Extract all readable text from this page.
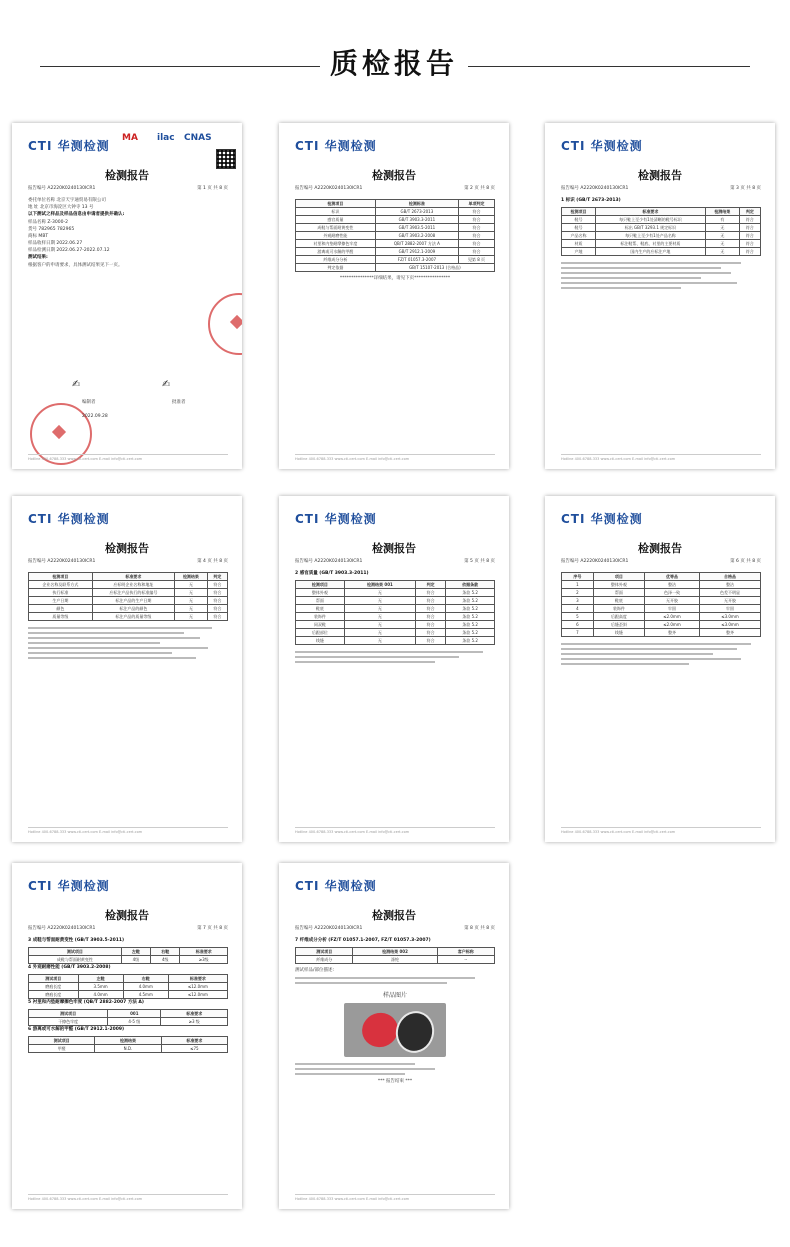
质检报告
CTI 华测检测
MA ilac CNAS
检测报告
报告编号 A2220K0240130ICR1	第 1 页 共 8 页
委托单位名称 北京天宇通贸易有限公司
地 址 北京市海淀区大钟寺 13 号
以下测试之样品及样品信息由申请者提供并确认:
样品名称 Z-3000-2
货号 782965 782965
商标 MBT
样品收样日期 2022.06.27
样品检测日期 2022.06.27-2022.07.12
测试结果:
根据客户的申请要求，具体测试结果见下一页。
✍	✍
编制者	批准者
2022.09.28
Hotline 400-6788-333 www.cti-cert.com E-mail info@cti-cert.com
CTI 华测检测
检测报告
报告编号 A2220K0240130ICR1	第 2 页 共 8 页
检测项目	检测标准	单项判定
标识	GB/T 2673-2013	符合
感官质量	GB/T 3903.3-2011	符合
成鞋与帮面耐黄变性	GB/T 3903.5-2011	符合
外观耐磨性能	GB/T 3903.2-2008	符合
衬里和内垫耐摩擦色牢度	QB/T 2882-2007 方法 A	符合
游离或可水解的甲醛	GB/T 2912.1-2009	符合
纤维成分分析	FZ/T 01057.3-2007	见第 8 页
判定依据	GB/T 15107-2013 (合格品)	
***************详细结果，请见下页****************
Hotline 400-6788-333 www.cti-cert.com E-mail info@cti-cert.com
CTI 华测检测
检测报告
报告编号 A2220K0240130ICR1	第 3 页 共 8 页
1 标识 (GB/T 2673-2013)
检测项目	标准要求	检测结果	判定
鞋号	每只鞋上至少有1处清晰的鞋号标识	有	符合
鞋号	标出 GB/T 3293.1 规定标识	无	符合
产品名称	每只鞋上至少有1处产品名称	无	符合
材质	标注鞋帮、鞋底、衬里的主要材质	无	符合
产地	国内生产的应标注产地	无	符合
Hotline 400-6788-333 www.cti-cert.com E-mail info@cti-cert.com
CTI 华测检测
检测报告
报告编号 A2220K0240130ICR1	第 4 页 共 8 页
检测项目	标准要求	检测结果	判定
企业名称及联系方式	应标明企业名称和地址	无	符合
执行标准	应标注产品执行的标准编号	无	符合
生产日期	标注产品的生产日期	无	符合
颜色	标注产品的颜色	无	符合
质量等级	标注产品的质量等级	无	符合
Hotline 400-6788-333 www.cti-cert.com E-mail info@cti-cert.com
CTI 华测检测
检测报告
报告编号 A2220K0240130ICR1	第 5 页 共 8 页
2 感官质量 (GB/T 3903.3-2011)
检测项目	检测结果 001	判定	依据条款
整体外观	无	符合	条款 5.2
帮面	无	符合	条款 5.2
鞋底	无	符合	条款 5.2
装饰件	无	符合	条款 5.2
同双鞋	无	符合	条款 5.2
后跟部位	无	符合	条款 5.2
线缝	无	符合	条款 5.2
Hotline 400-6788-333 www.cti-cert.com E-mail info@cti-cert.com
CTI 华测检测
检测报告
报告编号 A2220K0240130ICR1	第 6 页 共 8 页
序号	项目	优等品	合格品
1	整体外观	整洁	整洁
2	帮面	色泽一致	色差不明显
3	鞋底	无开胶	无开胶
4	装饰件	牢固	牢固
5	后跟高度	≤2.0mm	≤3.0mm
6	后缝歪斜	≤2.0mm	≤3.0mm
7	线缝	整齐	整齐
Hotline 400-6788-333 www.cti-cert.com E-mail info@cti-cert.com
CTI 华测检测
检测报告
报告编号 A2220K0240130ICR1	第 7 页 共 8 页
3 成鞋与帮面耐黄变性 (GB/T 3903.5-2011)
测试项目	左鞋	右鞋	标准要求
成鞋与帮面耐黄变性	4级	4级	≥3级
4 外观耐磨性能 (GB/T 3903.2-2008)
测试项目	左鞋	右鞋	标准要求
磨痕长度	3.5mm	4.0mm	≤12.0mm
磨痕长度	4.0mm	4.5mm	≤12.0mm
5 衬里和内垫耐摩擦色牢度 (QB/T 2882-2007 方法 A)
测试项目	001	标准要求
干擦色牢度	4-5 级	≥3 级
6 游离或可水解的甲醛 (GB/T 2912.1-2009)
测试项目	检测结果	标准要求
甲醛	N.D.	≤75
Hotline 400-6788-333 www.cti-cert.com E-mail info@cti-cert.com
CTI 华测检测
检测报告
报告编号 A2220K0240130ICR1	第 8 页 共 8 页
7 纤维成分分析 (FZ/T 01057.1-2007, FZ/T 01057.3-2007)
测试项目	检测结果 002	客户标称
纤维成分	涤纶	--
测试样品/部位描述:
样品图片
*** 报告结束 ***
Hotline 400-6788-333 www.cti-cert.com E-mail info@cti-cert.com
